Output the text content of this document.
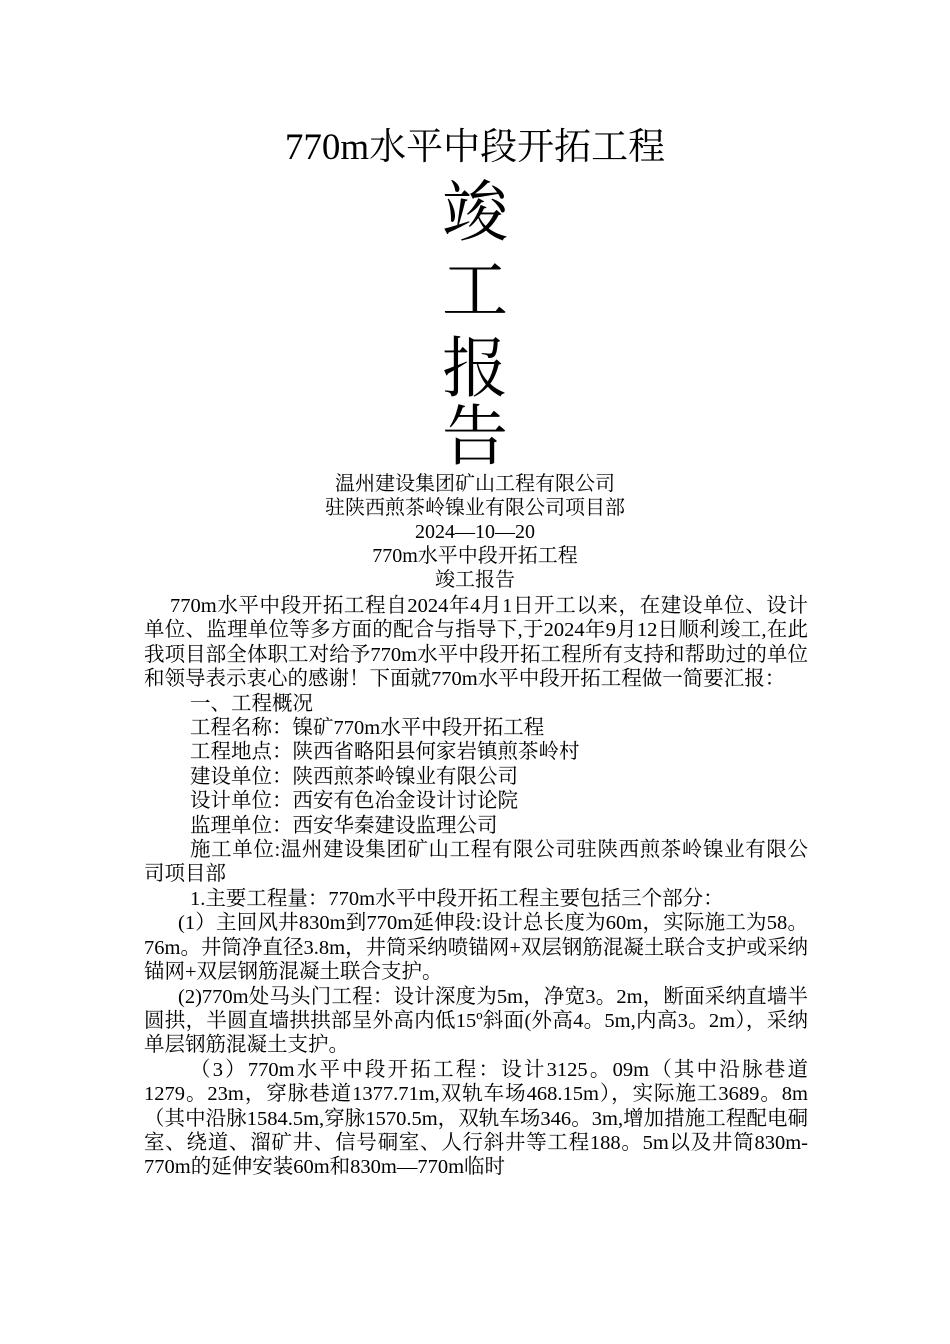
770m水平中段开拓工程
竣
工
报
告
温州建设集团矿山工程有限公司
驻陕西煎茶岭镍业有限公司项目部
2024—10—20
770m水平中段开拓工程
竣工报告

770m水平中段开拓工程自2024年4月1日开工以来，在建设单位、设计单位、监理单位等多方面的配合与指导下,于2024年9月12日顺利竣工,在此我项目部全体职工对给予770m水平中段开拓工程所有支持和帮助过的单位和领导表示衷心的感谢！下面就770m水平中段开拓工程做一简要汇报：

一、工程概况

工程名称：镍矿770m水平中段开拓工程

工程地点：陕西省略阳县何家岩镇煎茶岭村

建设单位：陕西煎茶岭镍业有限公司

设计单位：西安有色冶金设计讨论院

监理单位：西安华秦建设监理公司

施工单位:温州建设集团矿山工程有限公司驻陕西煎茶岭镍业有限公司项目部

1.主要工程量：770m水平中段开拓工程主要包括三个部分：

(1）主回风井830m到770m延伸段:设计总长度为60m，实际施工为58。76m。井筒净直径3.8m，井筒采纳喷锚网+双层钢筋混凝土联合支护或采纳锚网+双层钢筋混凝土联合支护。

(2)770m处马头门工程：设计深度为5m，净宽3。2m，断面采纳直墙半圆拱，半圆直墙拱拱部呈外高内低15º斜面(外高4。5m,内高3。2m），采纳单层钢筋混凝土支护。

（3）770m水平中段开拓工程：设计3125。09m（其中沿脉巷道1279。23m，穿脉巷道1377.71m,双轨车场468.15m），实际施工3689。8m（其中沿脉1584.5m,穿脉1570.5m，双轨车场346。3m,增加措施工程配电硐室、绕道、溜矿井、信号硐室、人行斜井等工程188。5m以及井筒830m-770m的延伸安装60m和830m—770m临时
